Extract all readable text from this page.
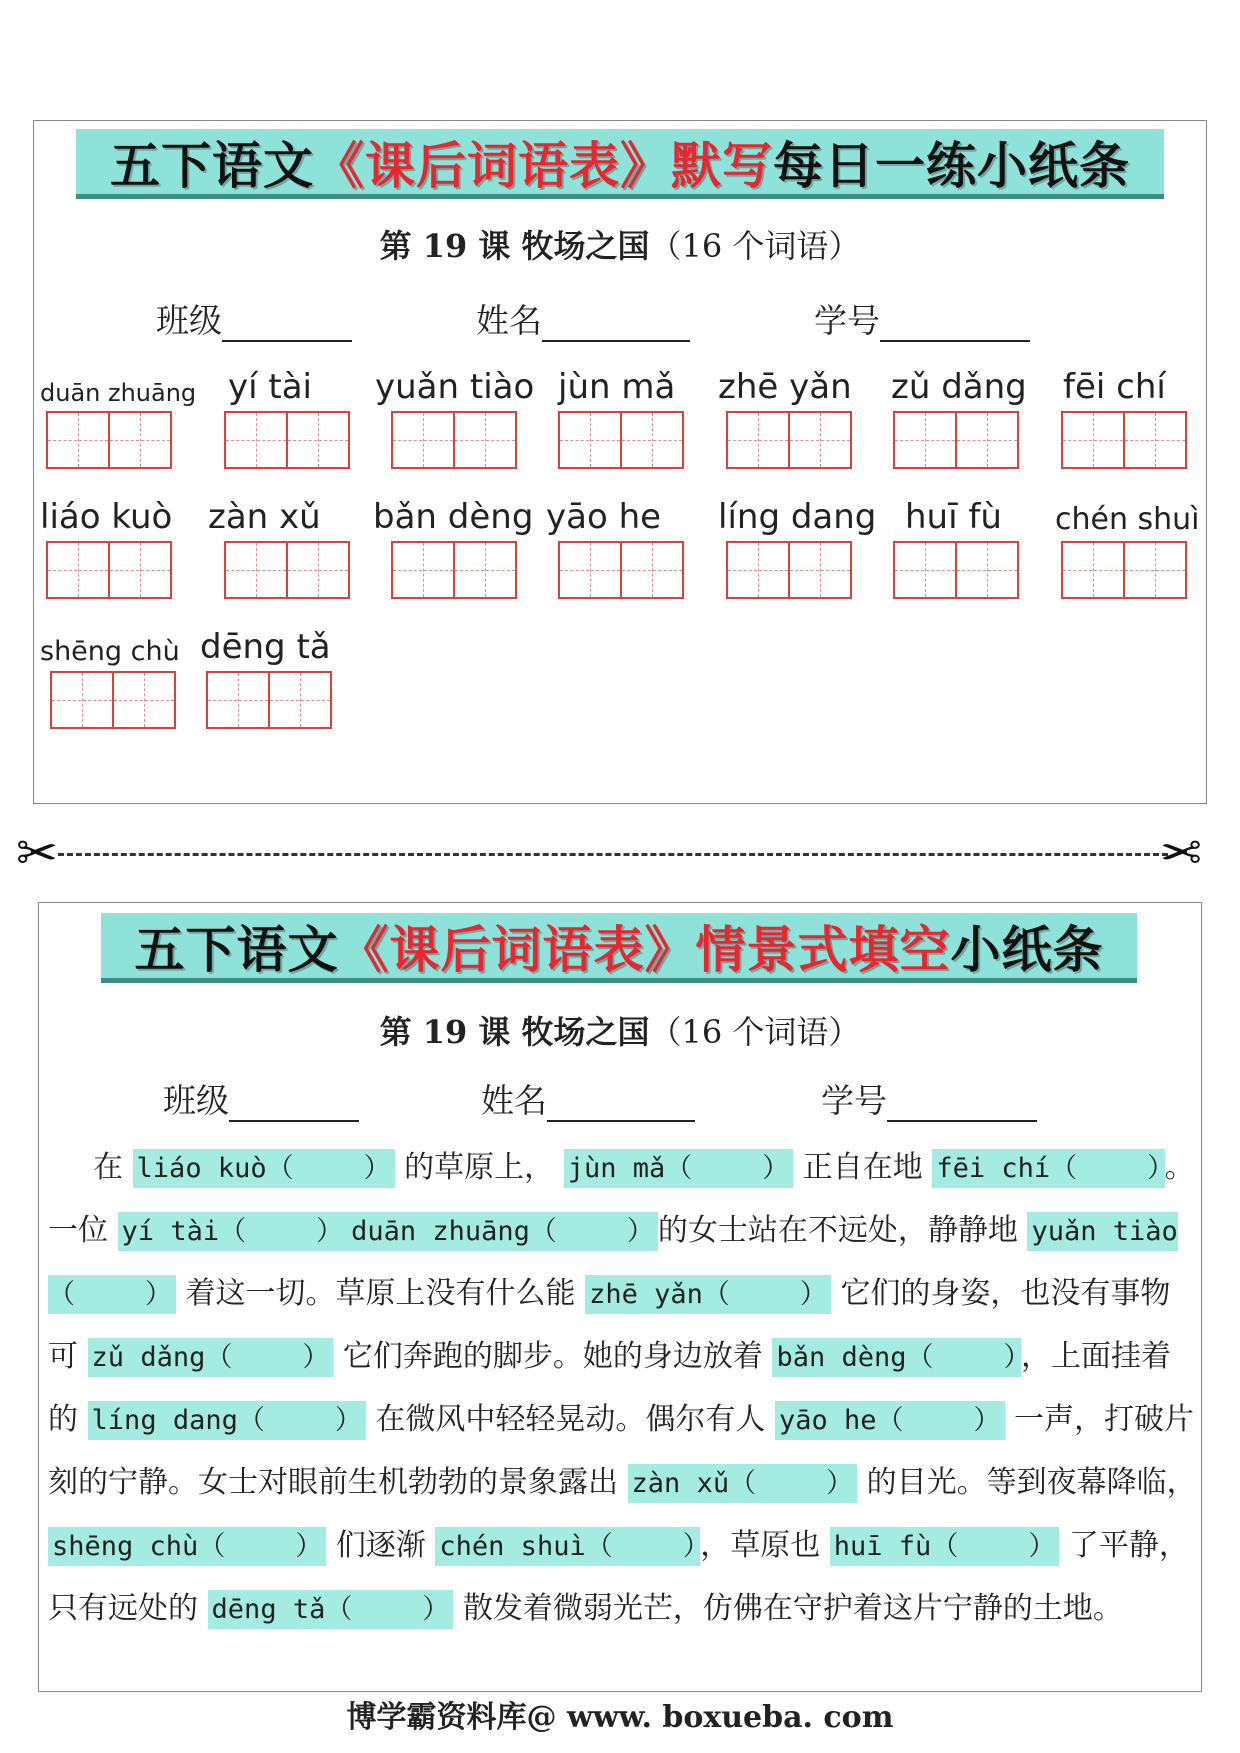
五下语文《课后词语表》默写每日一练小纸条
第 19 课 牧场之国（16 个词语）
班级	姓名	学号
duān zhuāng yí tài yuǎn tiào jùn mǎ zhē yǎn zǔ dǎng fēi chí
liáo kuò zàn xǔ bǎn dèng yāo he líng dang huī fù chén shuì
shēng chù dēng tǎ
✂	✂
五下语文《课后词语表》情景式填空小纸条
第 19 课 牧场之国（16 个词语）
班级	姓名	学号
  在 liáo kuò（	） 的草原上， jùn mǎ（	） 正自在地 fēi chí（	） 。一位 yí tài（	） duān zhuāng（	） 的女士站在不远处，静静地 yuǎn tiào（	） 着这一切。草原上没有什么能 zhē yǎn（	） 它们的身姿，也没有事物可 zǔ dǎng（	） 它们奔跑的脚步。她的身边放着 bǎn dèng（	） ，上面挂着的 líng dang（	） 在微风中轻轻晃动。偶尔有人 yāo he（	） 一声，打破片刻的宁静。女士对眼前生机勃勃的景象露出 zàn xǔ（	） 的目光。等到夜幕降临， shēng chù（	） 们逐渐 chén shuì（	） ，草原也 huī fù（	） 了平静，只有远处的 dēng tǎ（	） 散发着微弱光芒，仿佛在守护着这片宁静的土地。
博学霸资料库@ www. boxueba. com
